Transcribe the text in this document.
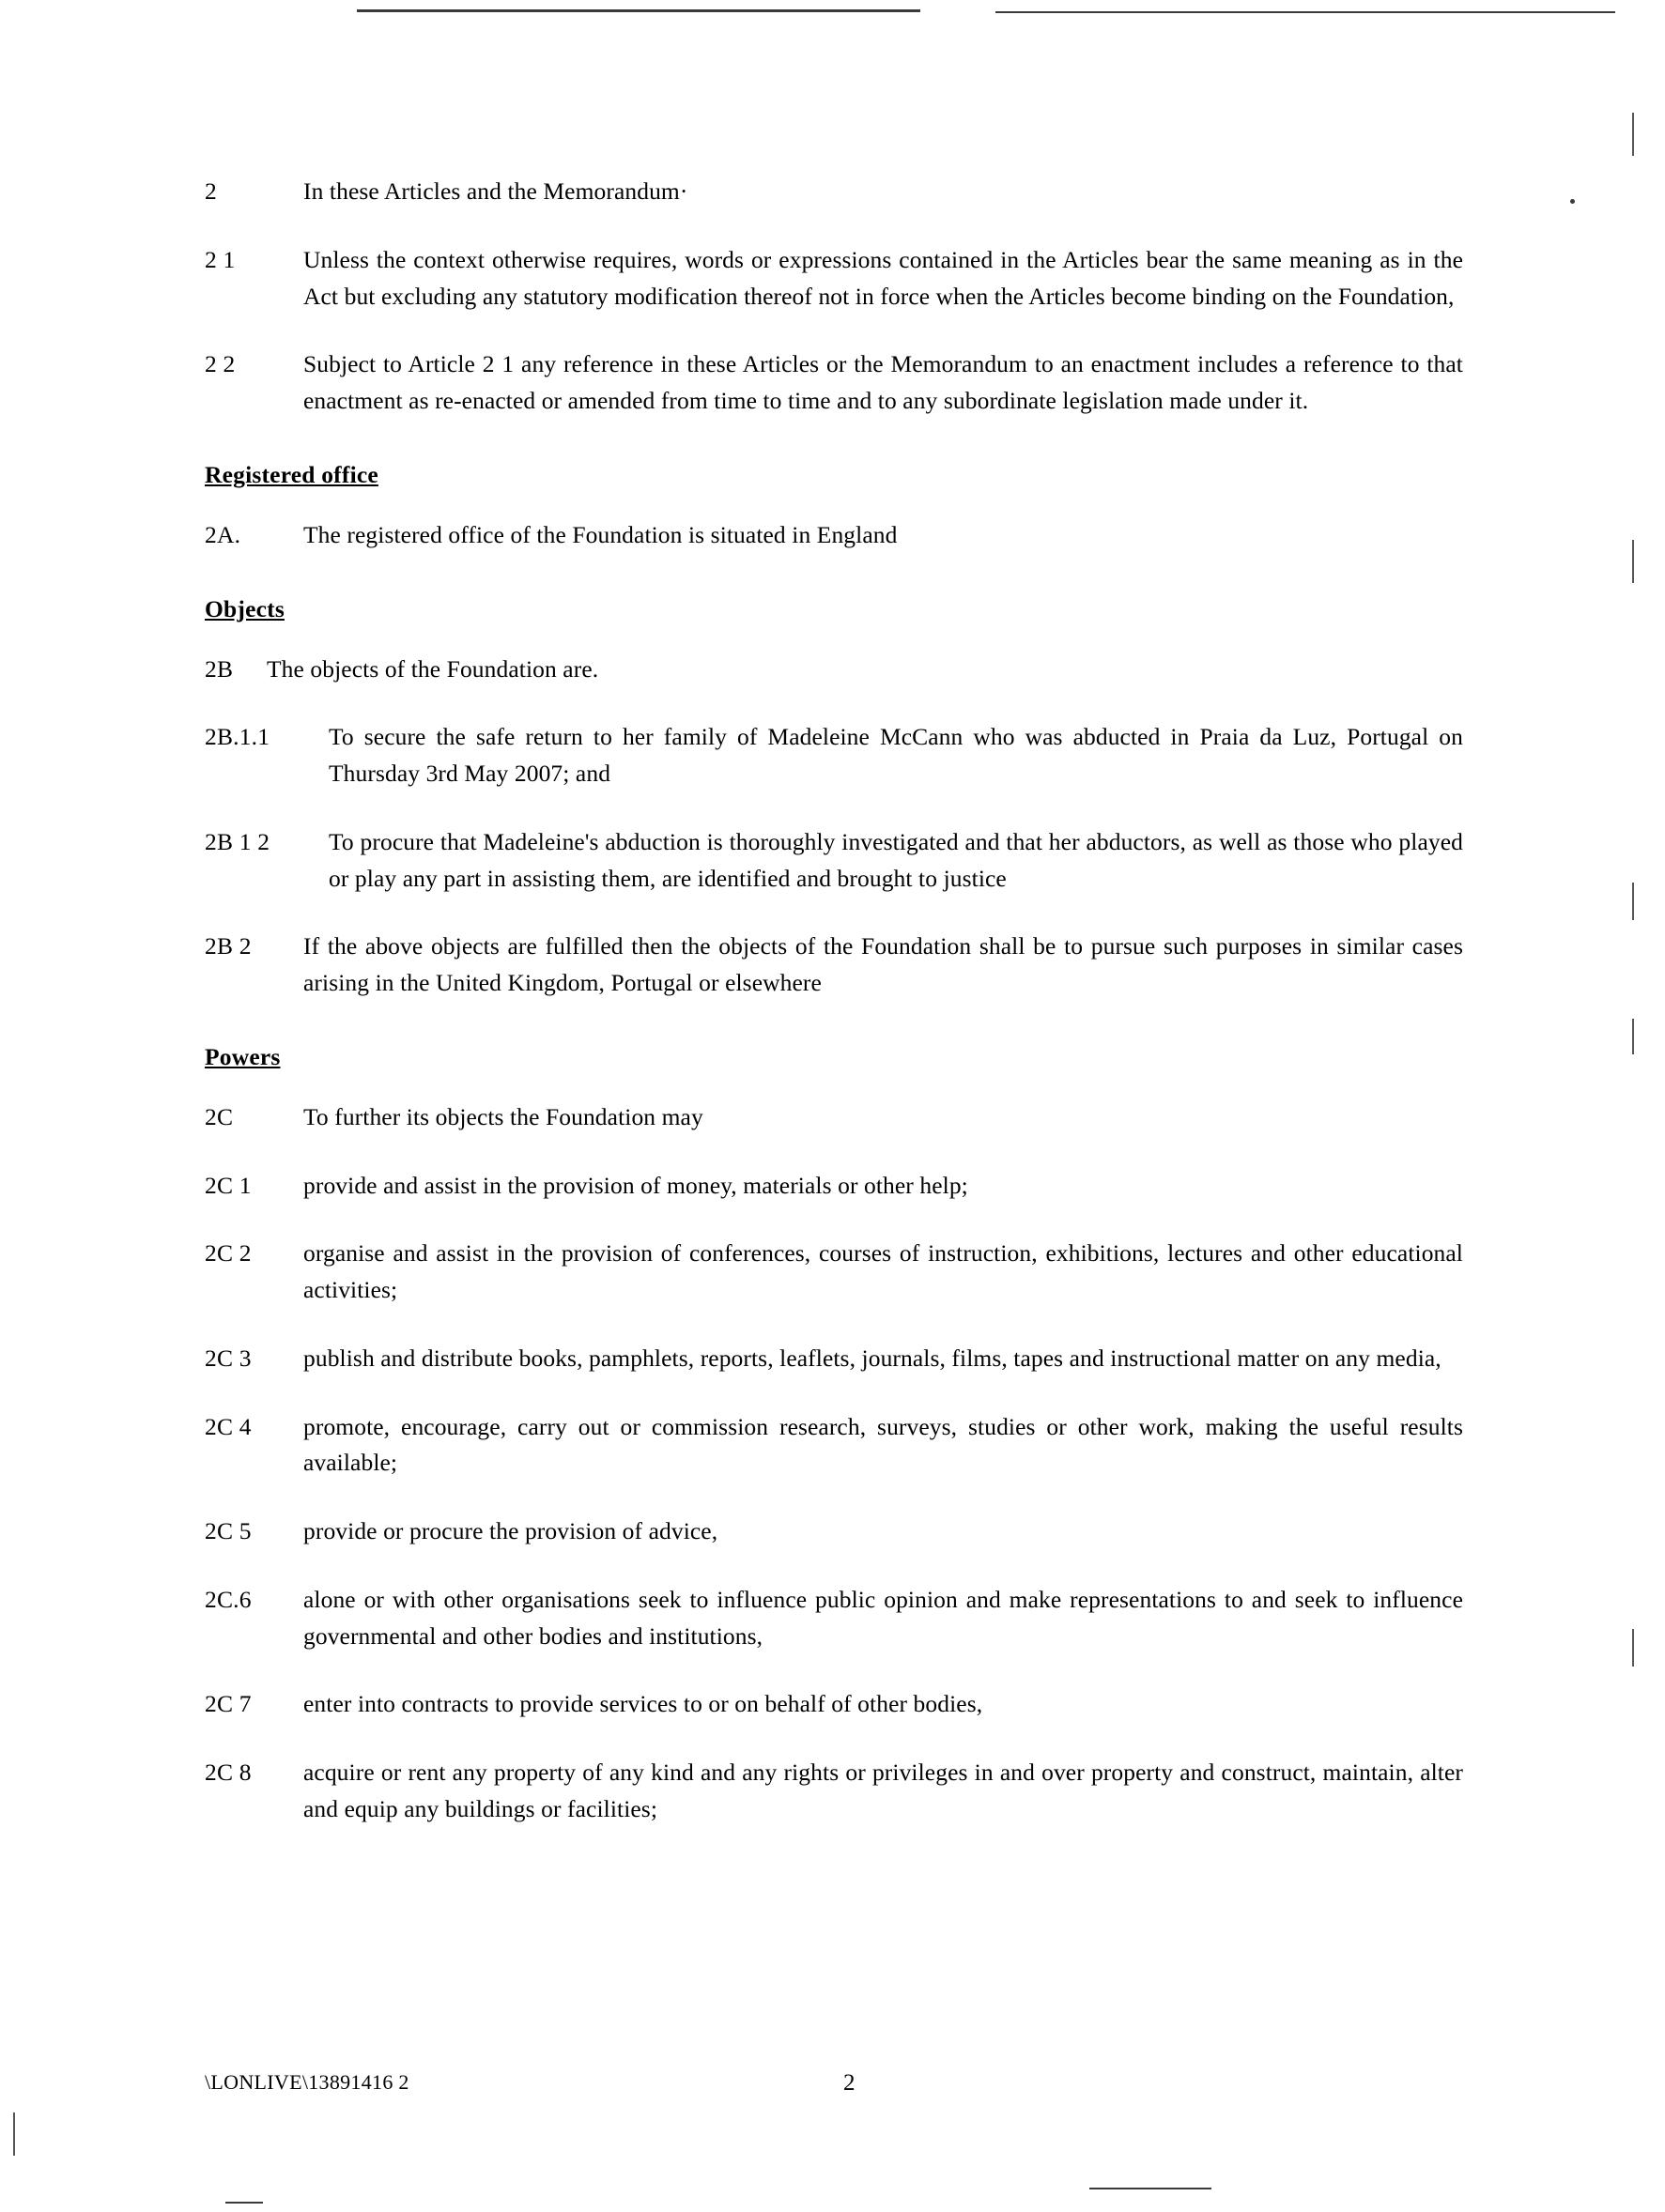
2	In these Articles and the Memorandum·
2 1	Unless the context otherwise requires, words or expressions contained in the Articles bear the same meaning as in the Act but excluding any statutory modification thereof not in force when the Articles become binding on the Foundation,
2 2	Subject to Article 2 1 any reference in these Articles or the Memorandum to an enactment includes a reference to that enactment as re-enacted or amended from time to time and to any subordinate legislation made under it.
Registered office
2A.	The registered office of the Foundation is situated in England
Objects
2B	The objects of the Foundation are.
2B.1.1	To secure the safe return to her family of Madeleine McCann who was abducted in Praia da Luz, Portugal on Thursday 3rd May 2007; and
2B 1 2	To procure that Madeleine's abduction is thoroughly investigated and that her abductors, as well as those who played or play any part in assisting them, are identified and brought to justice
2B 2	If the above objects are fulfilled then the objects of the Foundation shall be to pursue such purposes in similar cases arising in the United Kingdom, Portugal or elsewhere
Powers
2C	To further its objects the Foundation may
2C 1	provide and assist in the provision of money, materials or other help;
2C 2	organise and assist in the provision of conferences, courses of instruction, exhibitions, lectures and other educational activities;
2C 3	publish and distribute books, pamphlets, reports, leaflets, journals, films, tapes and instructional matter on any media,
2C 4	promote, encourage, carry out or commission research, surveys, studies or other work, making the useful results available;
2C 5	provide or procure the provision of advice,
2C.6	alone or with other organisations seek to influence public opinion and make representations to and seek to influence governmental and other bodies and institutions,
2C 7	enter into contracts to provide services to or on behalf of other bodies,
2C 8	acquire or rent any property of any kind and any rights or privileges in and over property and construct, maintain, alter and equip any buildings or facilities;
\LONLIVE\13891416 2	2
